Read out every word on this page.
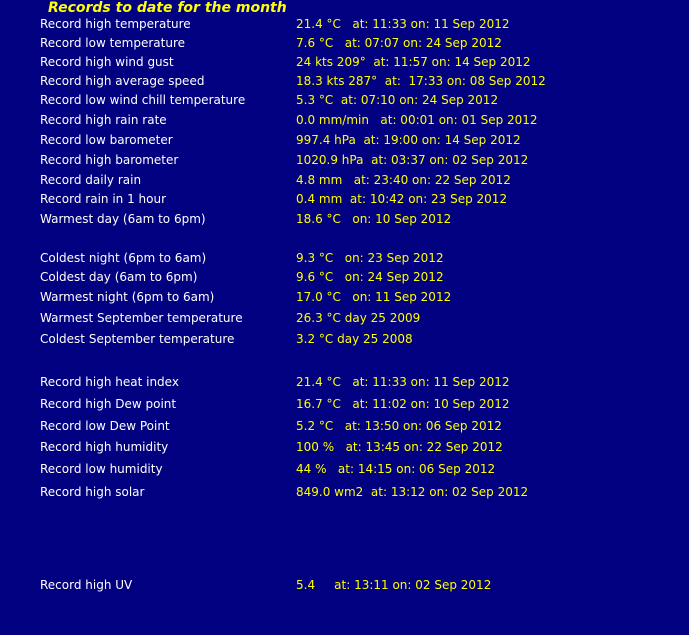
Records to date for the month
Record high temperature	21.4 °C   at: 11:33 on: 11 Sep 2012
Record low temperature	7.6 °C   at: 07:07 on: 24 Sep 2012
Record high wind gust	24 kts 209°  at: 11:57 on: 14 Sep 2012
Record high average speed	18.3 kts 287°  at:  17:33 on: 08 Sep 2012
Record low wind chill temperature	5.3 °C  at: 07:10 on: 24 Sep 2012
Record high rain rate	0.0 mm/min   at: 00:01 on: 01 Sep 2012
Record low barometer	997.4 hPa  at: 19:00 on: 14 Sep 2012
Record high barometer	1020.9 hPa  at: 03:37 on: 02 Sep 2012
Record daily rain	4.8 mm   at: 23:40 on: 22 Sep 2012
Record rain in 1 hour	0.4 mm  at: 10:42 on: 23 Sep 2012
Warmest day (6am to 6pm)	18.6 °C   on: 10 Sep 2012
Coldest night (6pm to 6am)	9.3 °C   on: 23 Sep 2012
Coldest day (6am to 6pm)	9.6 °C   on: 24 Sep 2012
Warmest night (6pm to 6am)	17.0 °C   on: 11 Sep 2012
Warmest September temperature	26.3 °C day 25 2009
Coldest September temperature	3.2 °C day 25 2008
Record high heat index	21.4 °C   at: 11:33 on: 11 Sep 2012
Record high Dew point	16.7 °C   at: 11:02 on: 10 Sep 2012
Record low Dew Point	5.2 °C   at: 13:50 on: 06 Sep 2012
Record high humidity	100 %   at: 13:45 on: 22 Sep 2012
Record low humidity	44 %   at: 14:15 on: 06 Sep 2012
Record high solar	849.0 wm2  at: 13:12 on: 02 Sep 2012
Record high UV	5.4     at: 13:11 on: 02 Sep 2012
